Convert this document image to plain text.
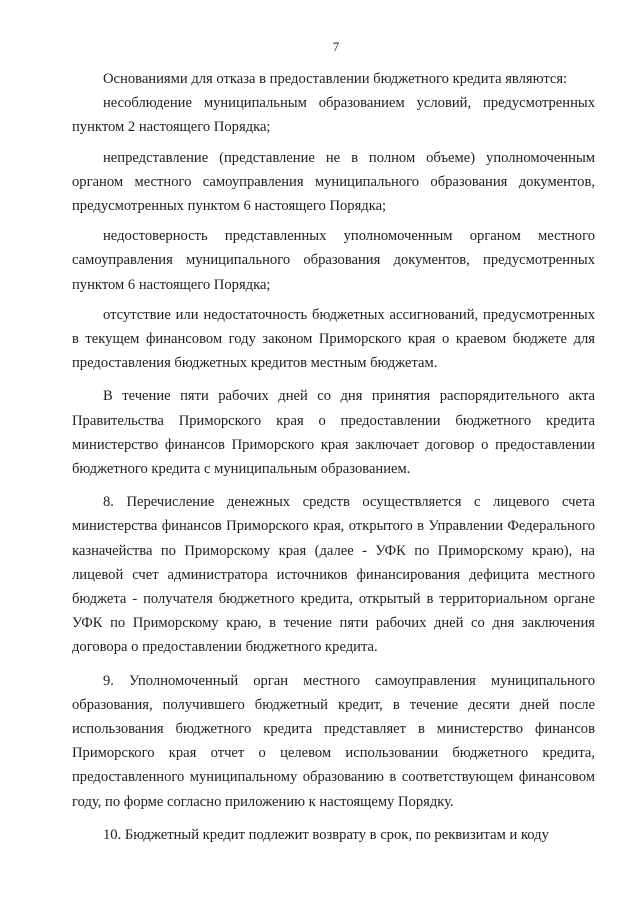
7

Основаниями для отказа в предоставлении бюджетного кредита являются:

несоблюдение муниципальным образованием условий, предусмотренных пунктом 2 настоящего Порядка;

непредставление (представление не в полном объеме) уполномоченным органом местного самоуправления муниципального образования документов, предусмотренных пунктом 6 настоящего Порядка;

недостоверность представленных уполномоченным органом местного самоуправления муниципального образования документов, предусмотренных пунктом 6 настоящего Порядка;

отсутствие или недостаточность бюджетных ассигнований, предусмотренных в текущем финансовом году законом Приморского края о краевом бюджете для предоставления бюджетных кредитов местным бюджетам.

В течение пяти рабочих дней со дня принятия распорядительного акта Правительства Приморского края о предоставлении бюджетного кредита министерство финансов Приморского края заключает договор о предоставлении бюджетного кредита с муниципальным образованием.

8. Перечисление денежных средств осуществляется с лицевого счета министерства финансов Приморского края, открытого в Управлении Федерального казначейства по Приморскому края (далее - УФК по Приморскому краю), на лицевой счет администратора источников финансирования дефицита местного бюджета - получателя бюджетного кредита, открытый в территориальном органе УФК по Приморскому краю, в течение пяти рабочих дней со дня заключения договора о предоставлении бюджетного кредита.

9. Уполномоченный орган местного самоуправления муниципального образования, получившего бюджетный кредит, в течение десяти дней после использования бюджетного кредита представляет в министерство финансов Приморского края отчет о целевом использовании бюджетного кредита, предоставленного муниципальному образованию в соответствующем финансовом году, по форме согласно приложению к настоящему Порядку.

10. Бюджетный кредит подлежит возврату в срок, по реквизитам и коду
